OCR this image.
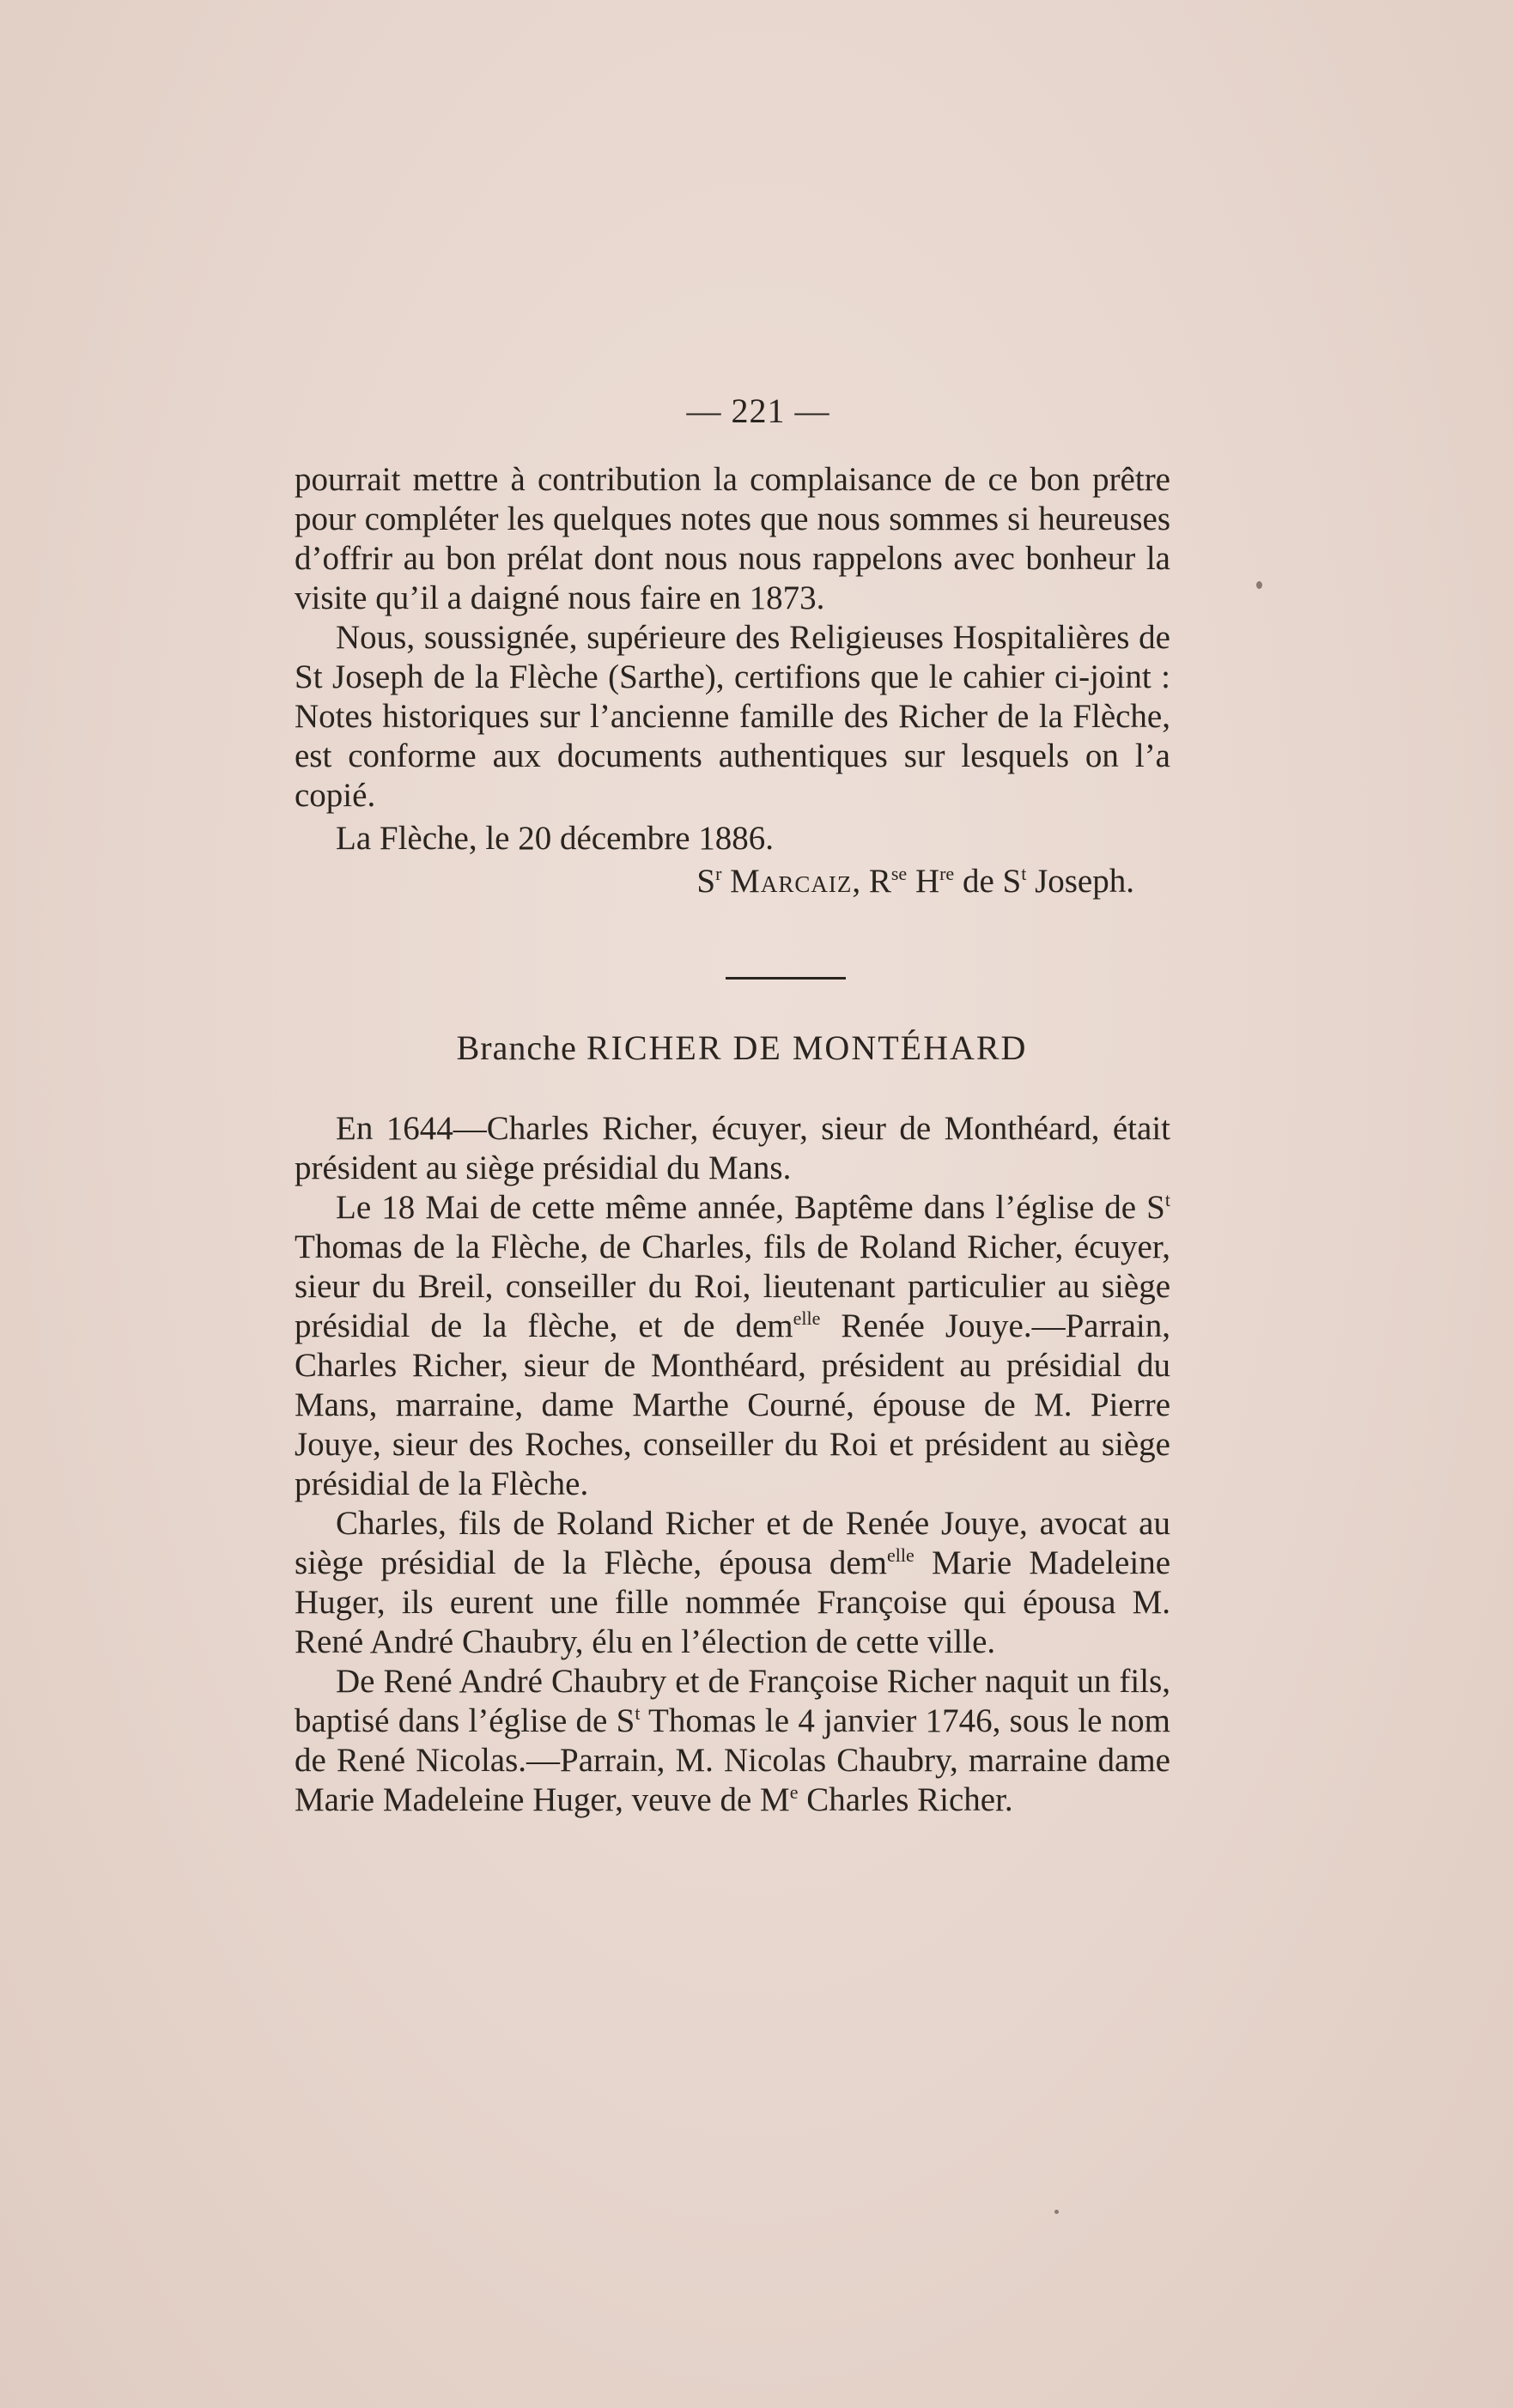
— 221 —

pourrait mettre à contribution la complaisance de ce bon prêtre pour compléter les quelques notes que nous sommes si heureuses d’offrir au bon prélat dont nous nous rappelons avec bonheur la visite qu’il a daigné nous faire en 1873.

Nous, soussignée, supérieure des Religieuses Hospitalières de St Joseph de la Flèche (Sarthe), certifions que le cahier ci-joint : Notes historiques sur l’ancienne famille des Richer de la Flèche, est conforme aux documents authentiques sur lesquels on l’a copié.

La Flèche, le 20 décembre 1886.

$S^r$ Marcaiz, $R^{se}$ $H^{re}$ de $S^t$ Joseph.
Branche RICHER DE MONTÉHARD

En 1644—Charles Richer, écuyer, sieur de Monthéard, était président au siège présidial du Mans.

Le 18 Mai de cette même année, Baptême dans l’église de $S^t$ Thomas de la Flèche, de Charles, fils de Roland Richer, écuyer, sieur du Breil, conseiller du Roi, lieutenant particulier au siège présidial de la flèche, et de dem$^{elle}$ Renée Jouye.—Parrain, Charles Richer, sieur de Monthéard, président au présidial du Mans, marraine, dame Marthe Courné, épouse de M. Pierre Jouye, sieur des Roches, conseiller du Roi et président au siège présidial de la Flèche.

Charles, fils de Roland Richer et de Renée Jouye, avocat au siège présidial de la Flèche, épousa dem$^{elle}$ Marie Madeleine Huger, ils eurent une fille nommée Françoise qui épousa M. René André Chaubry, élu en l’élection de cette ville.

De René André Chaubry et de Françoise Richer naquit un fils, baptisé dans l’église de $S^t$ Thomas le 4 janvier 1746, sous le nom de René Nicolas.—Parrain, M. Nicolas Chaubry, marraine dame Marie Madeleine Huger, veuve de Me Charles Richer.
